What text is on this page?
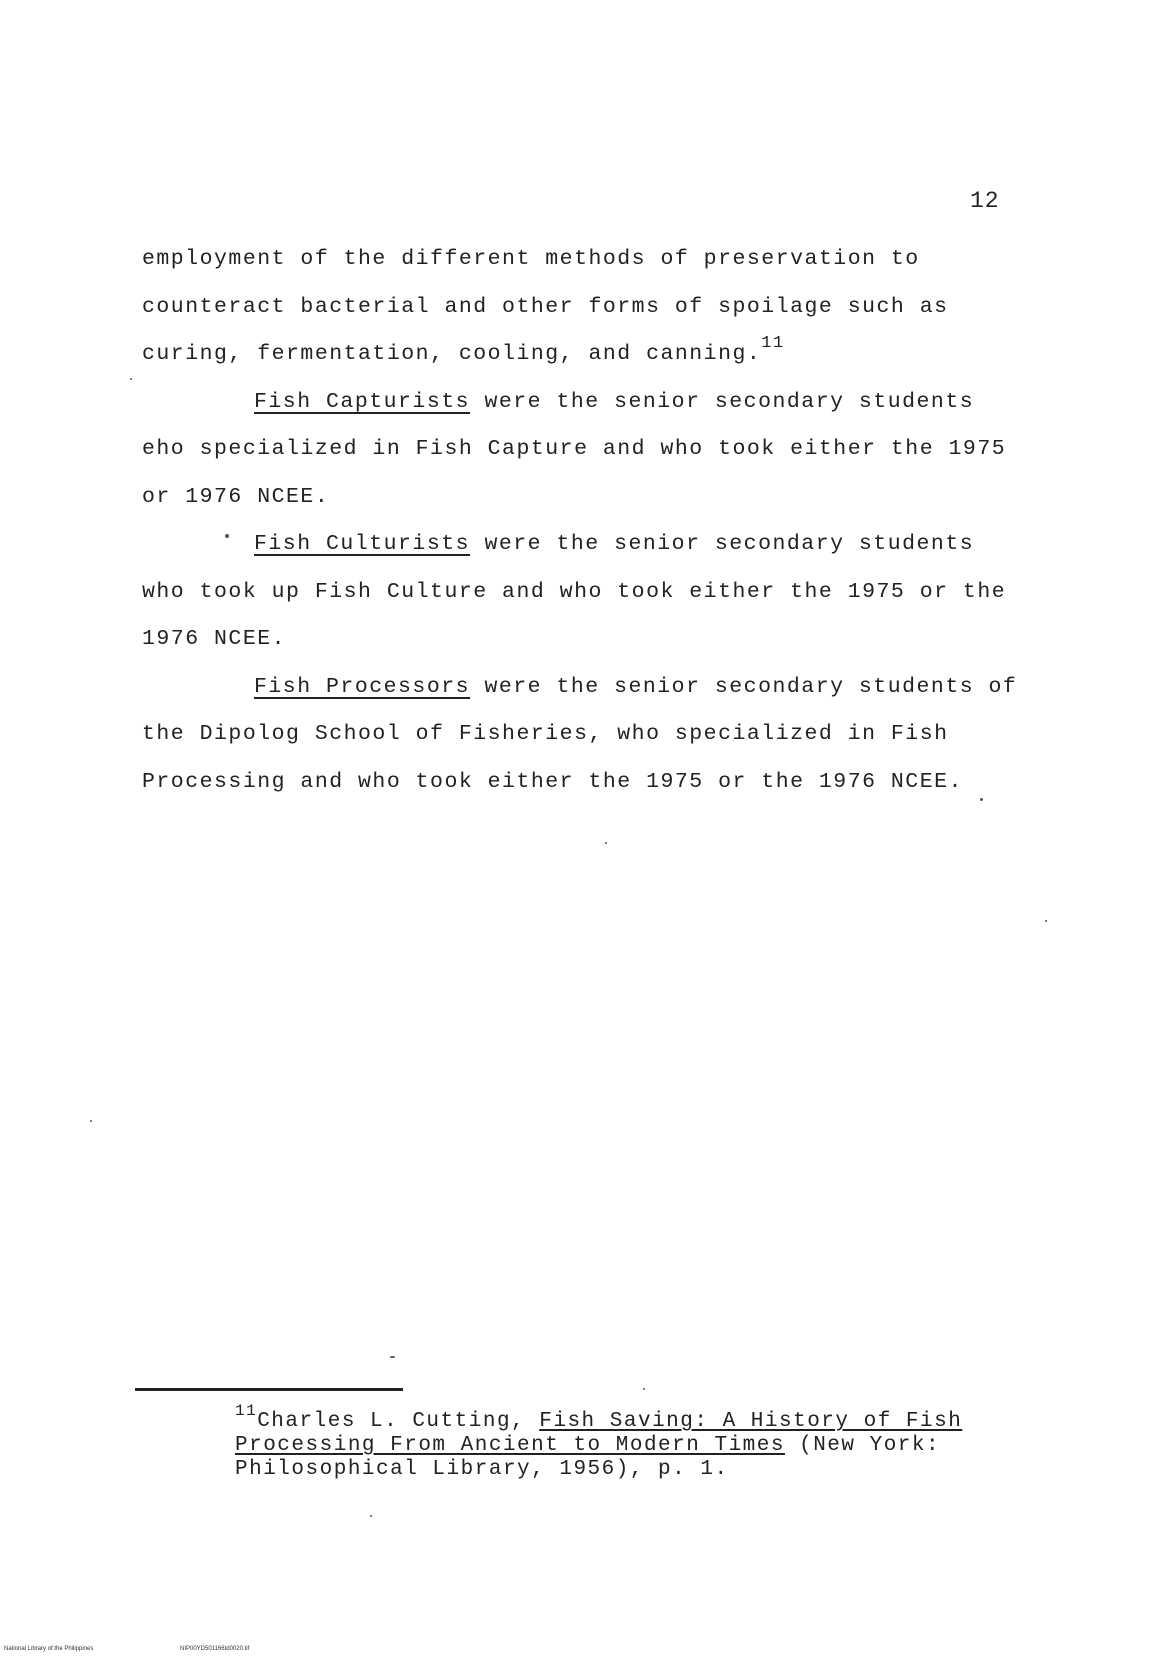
12

employment of the different methods of preservation to counteract bacterial and other forms of spoilage such as curing, fermentation, cooling, and canning.$^{11}$

Fish Capturists were the senior secondary students eho specialized in Fish Capture and who took either the 1975 or 1976 NCEE.

Fish Culturists were the senior secondary students who took up Fish Culture and who took either the 1975 or the 1976 NCEE.

Fish Processors were the senior secondary students of the Dipolog School of Fisheries, who specialized in Fish Processing and who took either the 1975 or the 1976 NCEE.

$^{11}$Charles L. Cutting, Fish Saving: A History of Fish Processing From Ancient to Modern Times (New York: Philosophical Library, 1956), p. 1.

National Library of the Philippines	NIP00YD501166td0020.tif
